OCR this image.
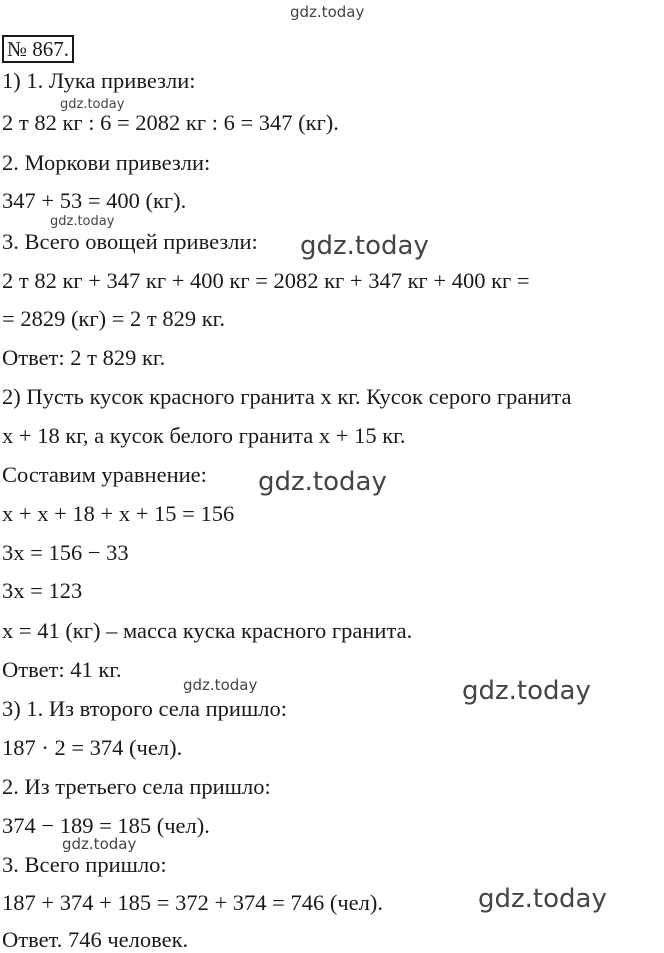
gdz.today
№ 867.
1) 1. Лука привезли:
gdz.today
2 т 82 кг : 6 = 2082 кг : 6 = 347 (кг).
2. Моркови привезли:
347 + 53 = 400 (кг).
gdz.today
3. Всего овощей привезли: gdz.today
2 т 82 кг + 347 кг + 400 кг = 2082 кг + 347 кг + 400 кг =
= 2829 (кг) = 2 т 829 кг.
Ответ: 2 т 829 кг.
2) Пусть кусок красного гранита x кг. Кусок серого гранита
x + 18 кг, а кусок белого гранита x + 15 кг.
Составим уравнение: gdz.today
x + x + 18 + x + 15 = 156
3x = 156 − 33
3x = 123
x = 41 (кг) – масса куска красного гранита.
Ответ: 41 кг.
gdz.today	gdz.today
3) 1. Из второго села пришло:
187 · 2 = 374 (чел).
2. Из третьего села пришло:
374 − 189 = 185 (чел).
gdz.today
3. Всего пришло:
gdz.today
187 + 374 + 185 = 372 + 374 = 746 (чел).
Ответ. 746 человек.
